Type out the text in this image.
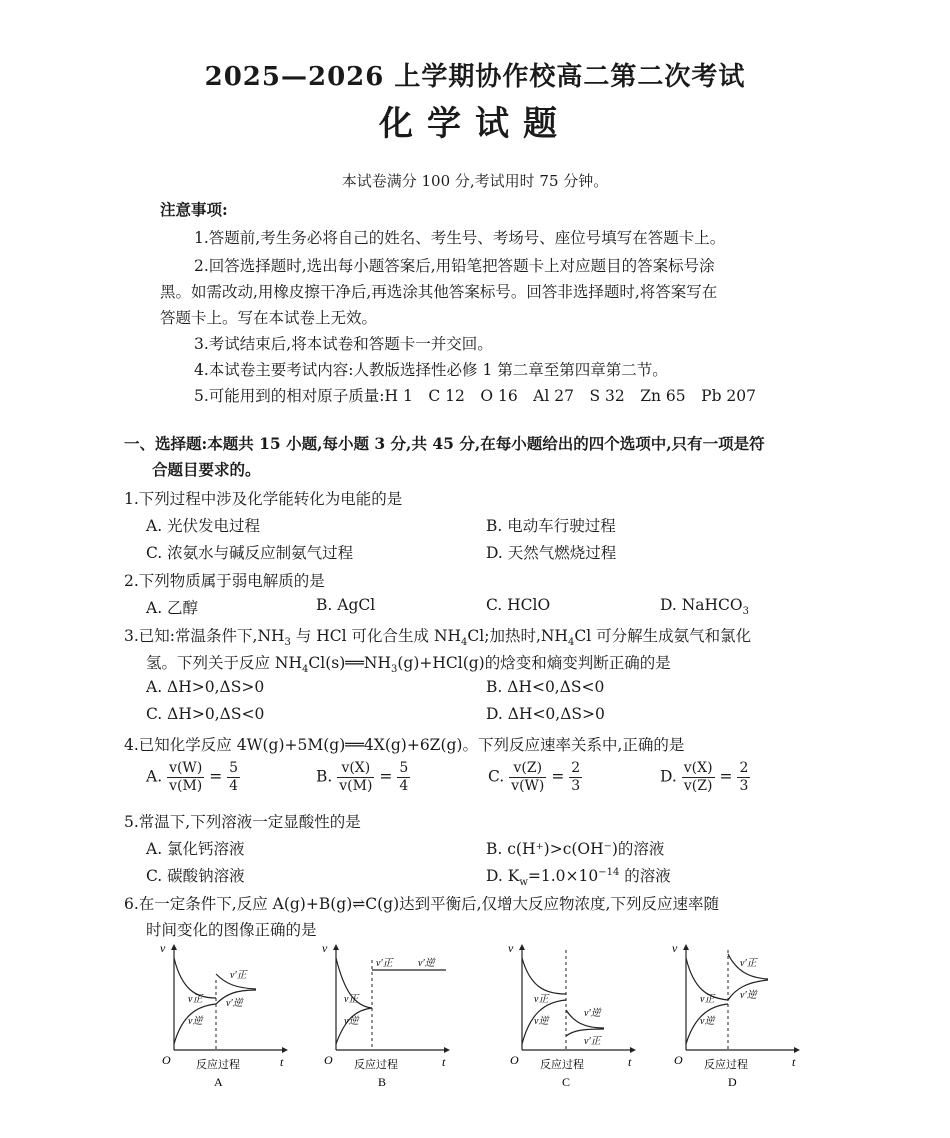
2025—2026 上学期协作校高二第二次考试
化学试题
本试卷满分 100 分,考试用时 75 分钟。
注意事项:
1.答题前,考生务必将自己的姓名、考生号、考场号、座位号填写在答题卡上。
2.回答选择题时,选出每小题答案后,用铅笔把答题卡上对应题目的答案标号涂
黑。如需改动,用橡皮擦干净后,再选涂其他答案标号。回答非选择题时,将答案写在
答题卡上。写在本试卷上无效。
3.考试结束后,将本试卷和答题卡一并交回。
4.本试卷主要考试内容:人教版选择性必修 1 第二章至第四章第二节。
5.可能用到的相对原子质量:H 1　C 12　O 16　Al 27　S 32　Zn 65　Pb 207
一、选择题:本题共 15 小题,每小题 3 分,共 45 分,在每小题给出的四个选项中,只有一项是符
合题目要求的。
1.下列过程中涉及化学能转化为电能的是
A. 光伏发电过程	B. 电动车行驶过程
C. 浓氨水与碱反应制氨气过程	D. 天然气燃烧过程
2.下列物质属于弱电解质的是
A. 乙醇	B. AgCl	C. HClO	D. NaHCO$_3$
3.已知:常温条件下$,NH_3$ 与 HCl 可化合生成 $NH_4Cl$;加热时$,NH_4Cl$ 可分解生成氨气和氯化
氢。下列关于反应 $NH_4Cl(s)══NH_3(g)+HCl(g)$的焓变和熵变判断正确的是
A. ΔH>0,ΔS>0	B. ΔH<0,ΔS<0
C. ΔH>0,ΔS<0	D. ΔH<0,ΔS>0
4.已知化学反应 4W(g)+5M(g)══4X(g)+6Z(g)。下列反应速率关系中,正确的是
A. $\frac{v(W)}{v(M)} = \frac{5}{4}$	B. $\frac{v(X)}{v(M)} = \frac{5}{4}$	C. $\frac{v(Z)}{v(W)} = \frac{2}{3}$	D. $\frac{v(X)}{v(Z)} = \frac{2}{3}$
5.常温下,下列溶液一定显酸性的是
A. 氯化钙溶液	B. c(H⁺)>c(OH⁻)的溶液
C. 碳酸钠溶液	D. $K_w=1.0\times 10^{-14}$ 的溶液
6.在一定条件下,反应 A(g)+B(g)⇌C(g)达到平衡后,仅增大反应物浓度,下列反应速率随
时间变化的图像正确的是
v
t
O
v正
v逆
v′正
v′逆
反应过程
A
v
t
O
v正
v逆
v′正	v′逆
反应过程
B
v
t
O
v正
v逆
v′逆
v′正
反应过程
C
v
t
O
v正
v逆
v′正
v′逆
反应过程
D
